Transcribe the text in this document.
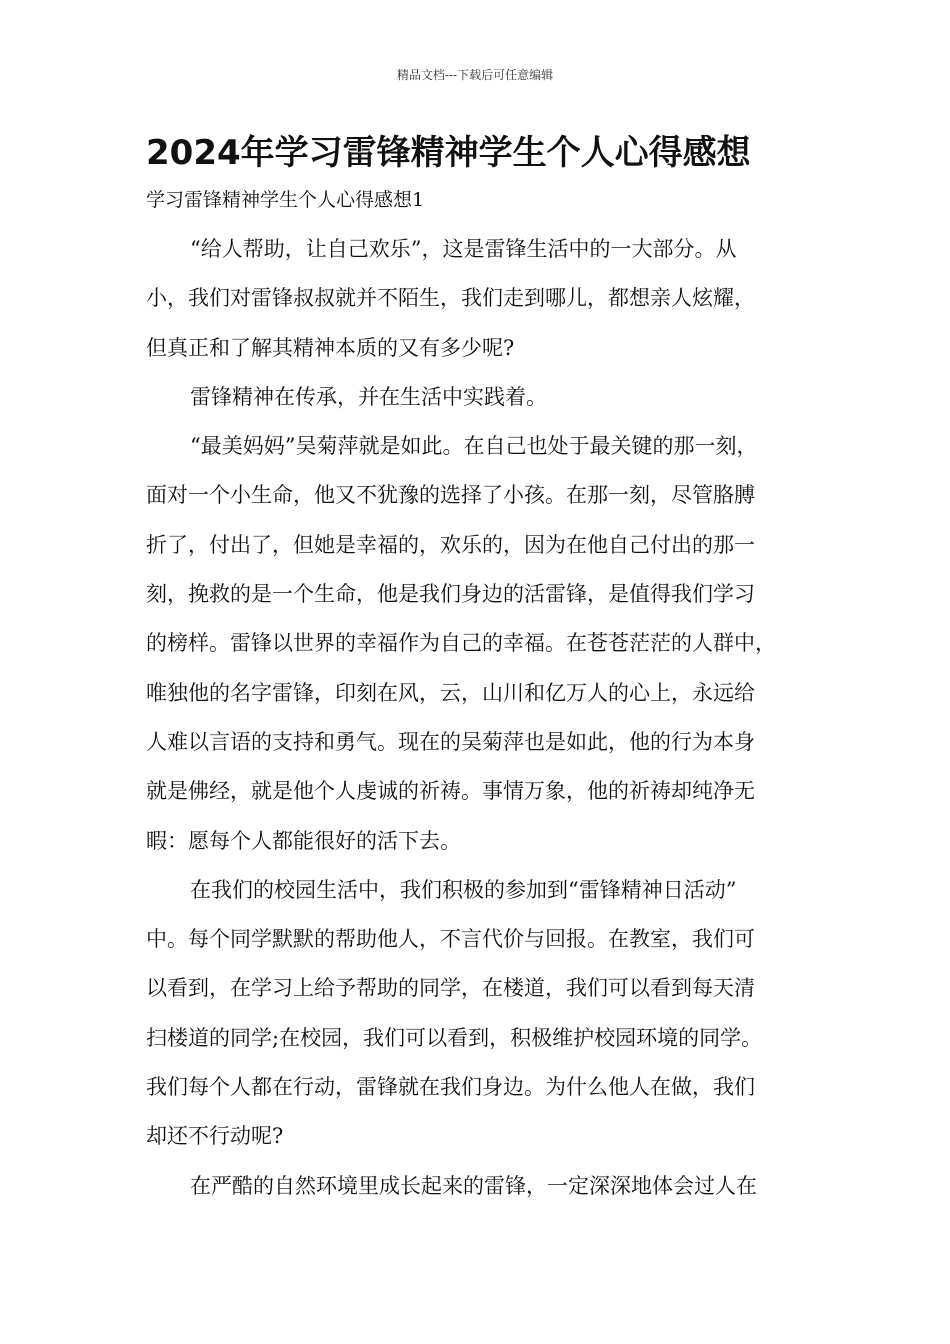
精品文档---下载后可任意编辑
2024年学习雷锋精神学生个人心得感想

学习雷锋精神学生个人心得感想1

“给人帮助，让自己欢乐”，这是雷锋生活中的一大部分。从
小，我们对雷锋叔叔就并不陌生，我们走到哪儿，都想亲人炫耀，
但真正和了解其精神本质的又有多少呢?
雷锋精神在传承，并在生活中实践着。
“最美妈妈”吴菊萍就是如此。在自己也处于最关键的那一刻，
面对一个小生命，他又不犹豫的选择了小孩。在那一刻，尽管胳膊
折了，付出了，但她是幸福的，欢乐的，因为在他自己付出的那一
刻，挽救的是一个生命，他是我们身边的活雷锋，是值得我们学习
的榜样。雷锋以世界的幸福作为自己的幸福。在苍苍茫茫的人群中，
唯独他的名字雷锋，印刻在风，云，山川和亿万人的心上，永远给
人难以言语的支持和勇气。现在的吴菊萍也是如此，他的行为本身
就是佛经，就是他个人虔诚的祈祷。事情万象，他的祈祷却纯净无
暇：愿每个人都能很好的活下去。
在我们的校园生活中，我们积极的参加到“雷锋精神日活动”
中。每个同学默默的帮助他人，不言代价与回报。在教室，我们可
以看到，在学习上给予帮助的同学，在楼道，我们可以看到每天清
扫楼道的同学;在校园，我们可以看到，积极维护校园环境的同学。
我们每个人都在行动，雷锋就在我们身边。为什么他人在做，我们
却还不行动呢?
在严酷的自然环境里成长起来的雷锋，一定深深地体会过人在
